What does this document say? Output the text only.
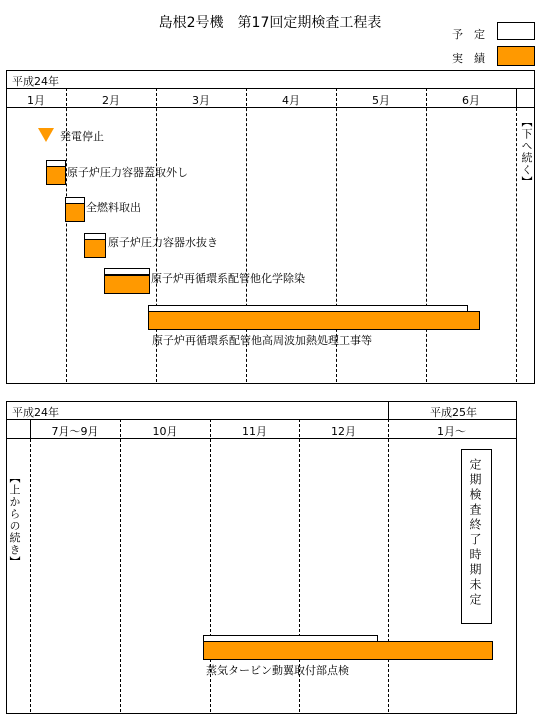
島根2号機　第17回定期検査工程表
予　定
実　績
平成24年
1月	2月	3月	4月	5月	6月
【下へ続く】
発電停止
原子炉圧力容器蓋取外し
全燃料取出
原子炉圧力容器水抜き
原子炉再循環系配管他化学除染
原子炉再循環系配管他高周波加熱処理工事等
平成24年	平成25年
7月～9月	10月	11月	12月	1月～
【上からの続き】	定期検査終了時期未定
蒸気タービン動翼取付部点検
